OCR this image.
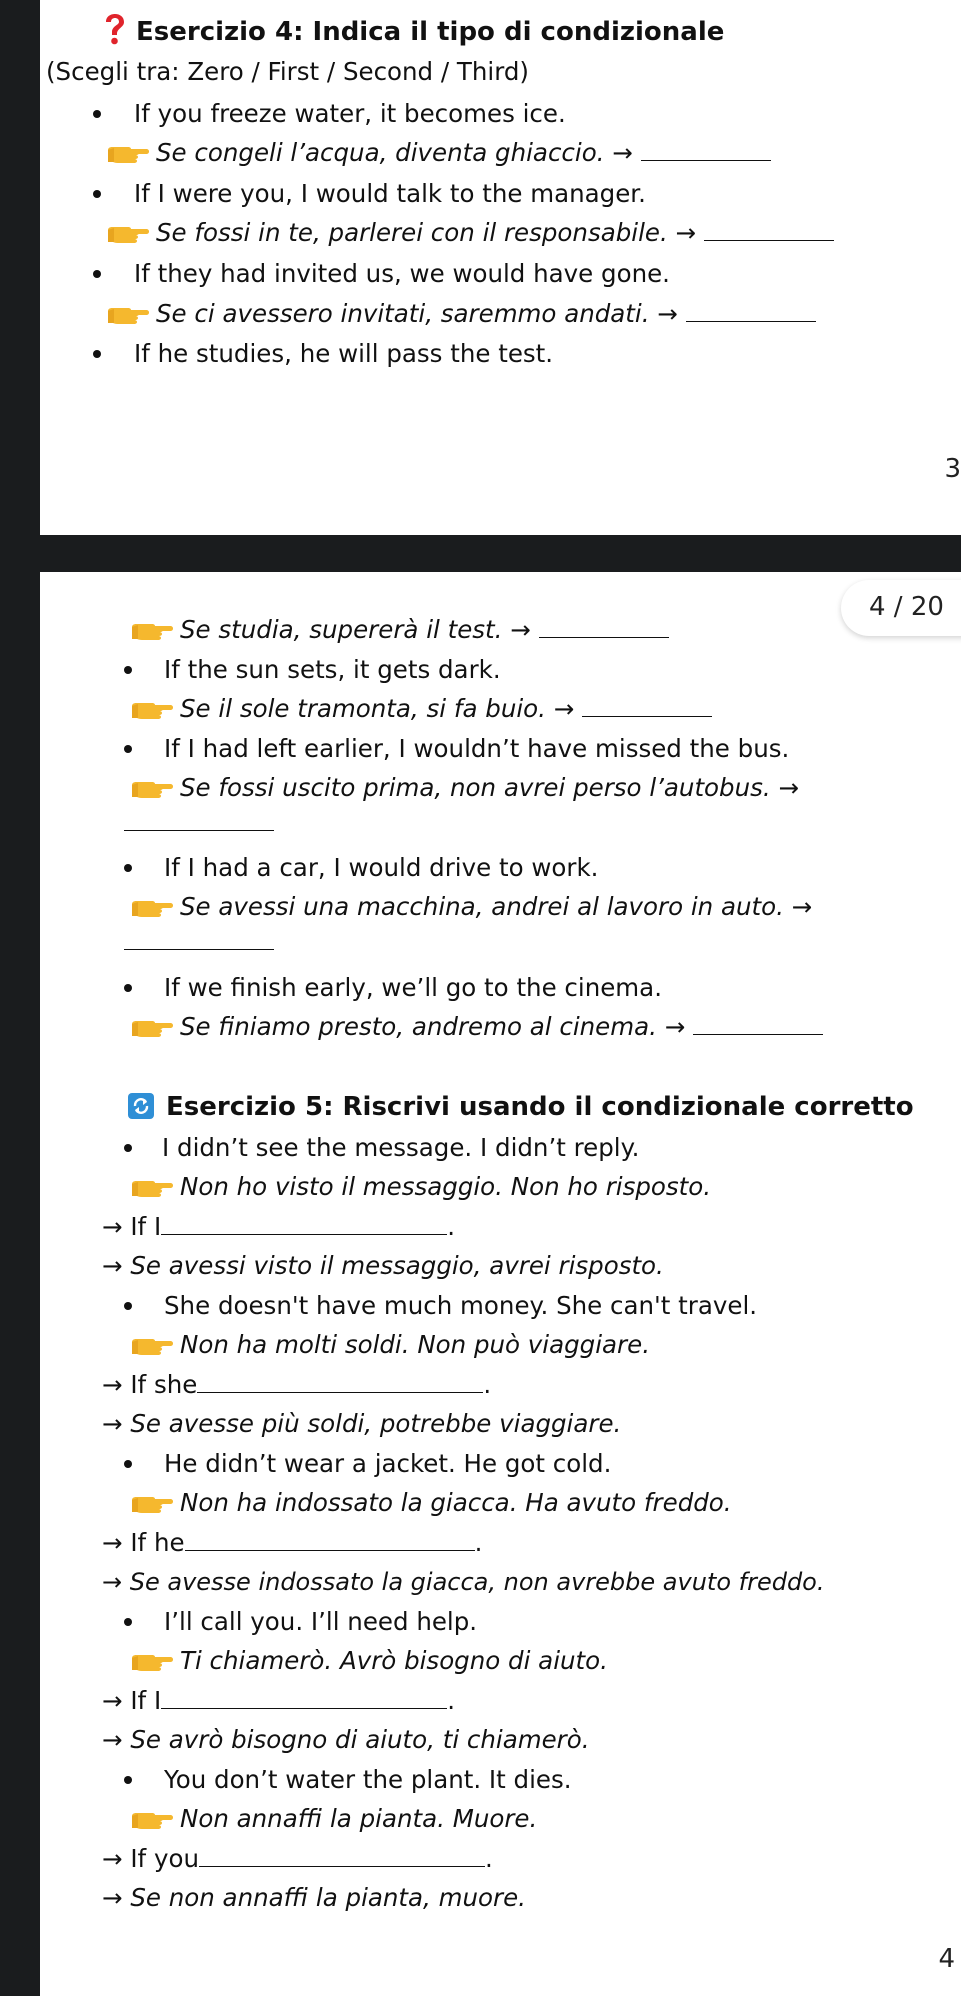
Esercizio 4: Indica il tipo di condizionale
(Scegli tra: Zero / First / Second / Third)
If you freeze water, it becomes ice.
Se congeli l’acqua, diventa ghiaccio. →
If I were you, I would talk to the manager.
Se fossi in te, parlerei con il responsabile. →
If they had invited us, we would have gone.
Se ci avessero invitati, saremmo andati. →
If he studies, he will pass the test.
3
4 / 20
Se studia, supererà il test. →
If the sun sets, it gets dark.
Se il sole tramonta, si fa buio. →
If I had left earlier, I wouldn’t have missed the bus.
Se fossi uscito prima, non avrei perso l’autobus. →
If I had a car, I would drive to work.
Se avessi una macchina, andrei al lavoro in auto. →
If we finish early, we’ll go to the cinema.
Se finiamo presto, andremo al cinema. →
Esercizio 5: Riscrivi usando il condizionale corretto
I didn’t see the message. I didn’t reply.
Non ho visto il messaggio. Non ho risposto.
→ If I	.
→ Se avessi visto il messaggio, avrei risposto.
She doesn't have much money. She can't travel.
Non ha molti soldi. Non può viaggiare.
→ If she	.
→ Se avesse più soldi, potrebbe viaggiare.
He didn’t wear a jacket. He got cold.
Non ha indossato la giacca. Ha avuto freddo.
→ If he	.
→ Se avesse indossato la giacca, non avrebbe avuto freddo.
I’ll call you. I’ll need help.
Ti chiamerò. Avrò bisogno di aiuto.
→ If I	.
→ Se avrò bisogno di aiuto, ti chiamerò.
You don’t water the plant. It dies.
Non annaffi la pianta. Muore.
→ If you	.
→ Se non annaffi la pianta, muore.
4
